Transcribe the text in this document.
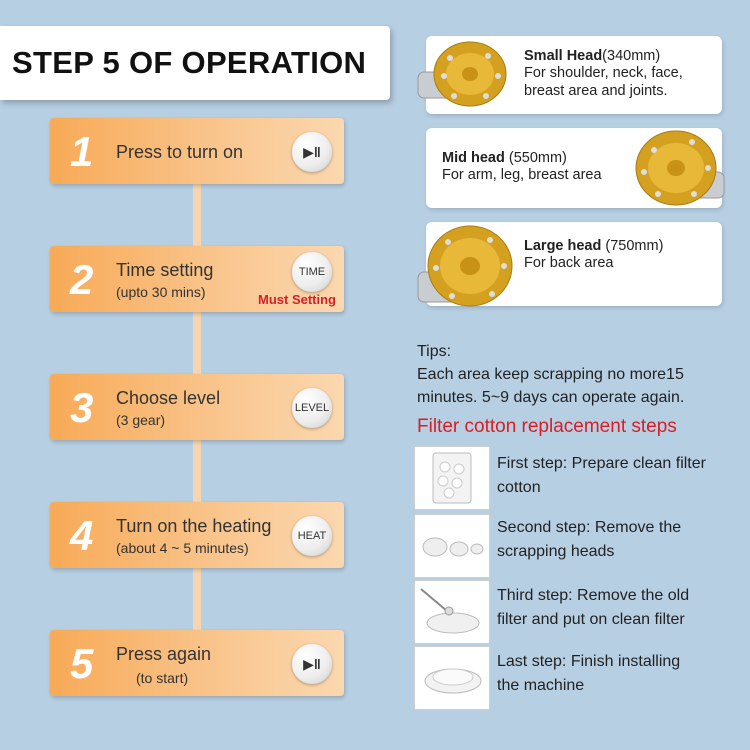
STEP 5 OF OPERATION
1 Press to turn on	▶‖
2 Time setting
(upto 30 mins)
TIME
Must Setting
3 Choose level
(3 gear)
LEVEL
4 Turn on the heating
(about 4 ~ 5 minutes)
HEAT
5 Press again
(to start)
▶‖
Small Head(340mm)
For shoulder, neck, face,
breast area and joints.
Mid head (550mm)
For arm, leg, breast area
Large head (750mm)
For back area
Tips:
Each area keep scrapping no more15
minutes. 5~9 days can operate again.
Filter cotton replacement steps
First step: Prepare clean filter
cotton
Second step: Remove the
scrapping heads
Third step: Remove the old
filter and put on clean filter
Last step: Finish installing
the machine
